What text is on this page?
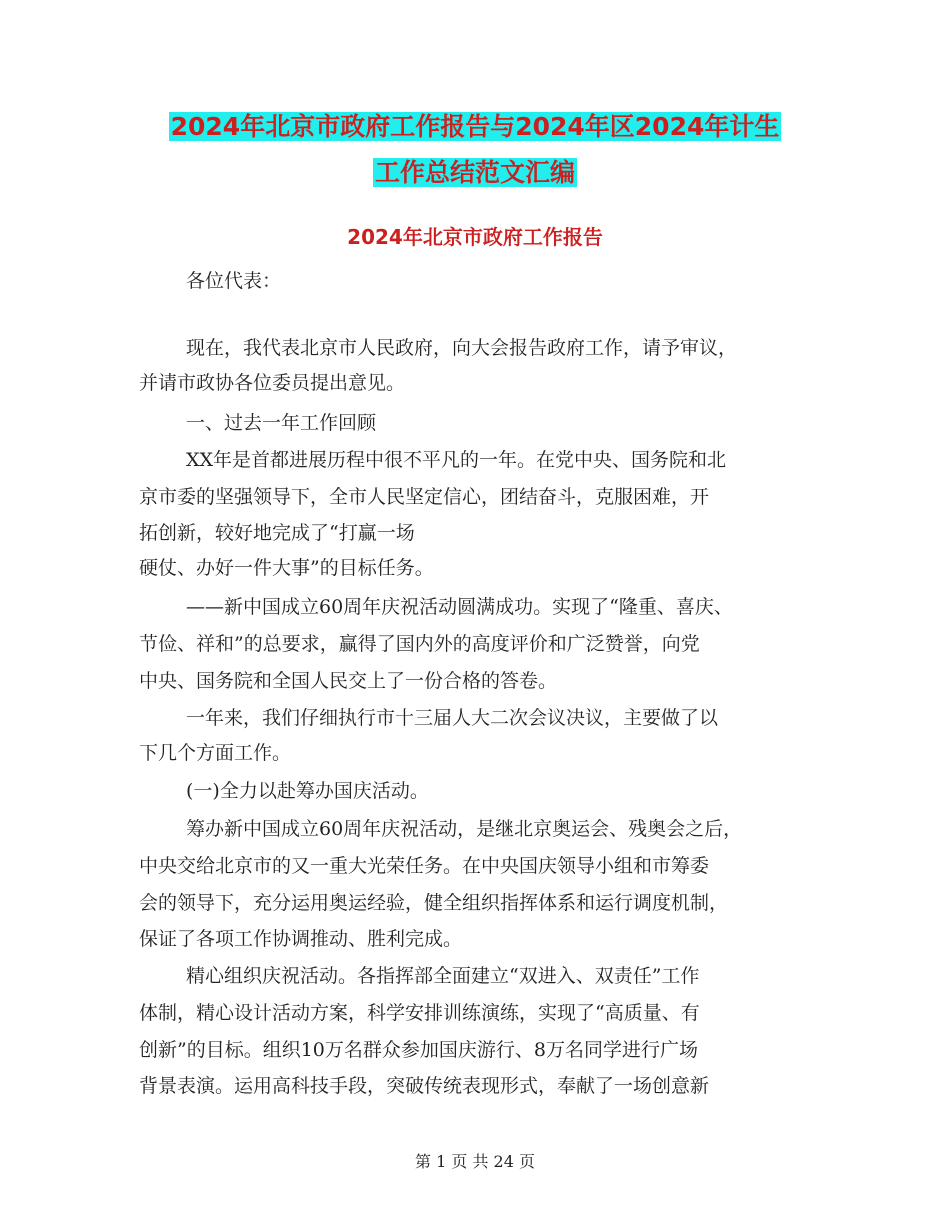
2024年北京市政府工作报告与2024年区2024年计生
工作总结范文汇编
2024年北京市政府工作报告
各位代表：
现在，我代表北京市人民政府，向大会报告政府工作，请予审议，
并请市政协各位委员提出意见。
一、过去一年工作回顾
XX年是首都进展历程中很不平凡的一年。在党中央、国务院和北
京市委的坚强领导下，全市人民坚定信心，团结奋斗，克服困难，开
拓创新，较好地完成了“打赢一场
硬仗、办好一件大事”的目标任务。
——新中国成立60周年庆祝活动圆满成功。实现了“隆重、喜庆、
节俭、祥和”的总要求，赢得了国内外的高度评价和广泛赞誉，向党
中央、国务院和全国人民交上了一份合格的答卷。
一年来，我们仔细执行市十三届人大二次会议决议，主要做了以
下几个方面工作。
(一)全力以赴筹办国庆活动。
筹办新中国成立60周年庆祝活动，是继北京奥运会、残奥会之后，
中央交给北京市的又一重大光荣任务。在中央国庆领导小组和市筹委
会的领导下，充分运用奥运经验，健全组织指挥体系和运行调度机制，
保证了各项工作协调推动、胜利完成。
精心组织庆祝活动。各指挥部全面建立“双进入、双责任”工作
体制，精心设计活动方案，科学安排训练演练，实现了“高质量、有
创新”的目标。组织10万名群众参加国庆游行、8万名同学进行广场
背景表演。运用高科技手段，突破传统表现形式，奉献了一场创意新
第 1 页 共 24 页
